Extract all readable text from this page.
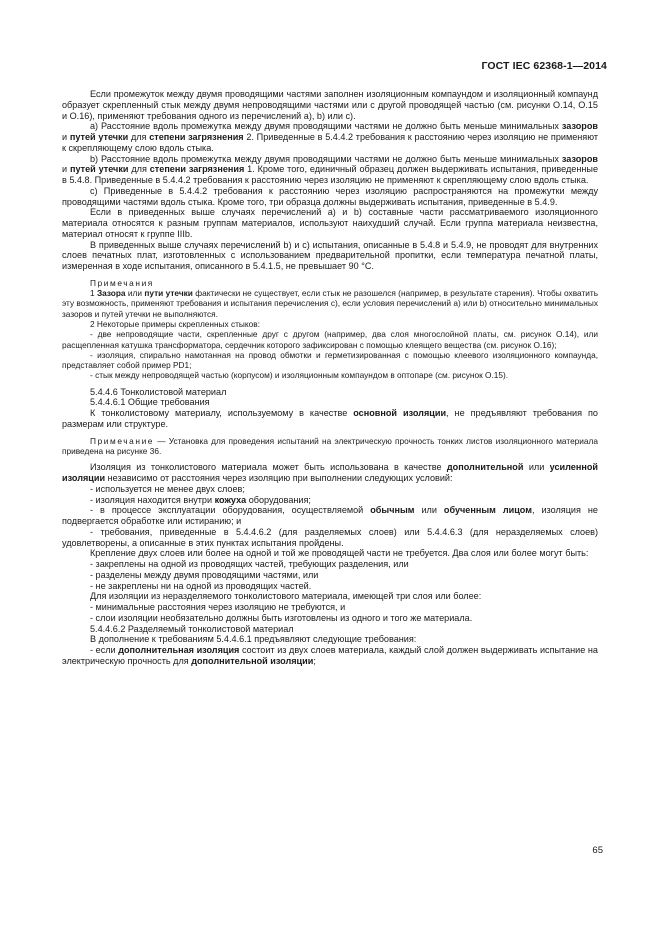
ГОСТ IEC 62368-1—2014

Если промежуток между двумя проводящими частями заполнен изоляционным компаундом и изоляционный компаунд образует скрепленный стык между двумя непроводящими частями или с другой проводящей частью (см. рисунки O.14, O.15 и O.16), применяют требования одного из перечислений a), b) или c).

a) Расстояние вдоль промежутка между двумя проводящими частями не должно быть меньше минимальных зазоров и путей утечки для степени загрязнения 2. Приведенные в 5.4.4.2 требования к расстоянию через изоляцию не применяют к скрепляющему слою вдоль стыка.

b) Расстояние вдоль промежутка между двумя проводящими частями не должно быть меньше минимальных зазоров и путей утечки для степени загрязнения 1. Кроме того, единичный образец должен выдерживать испытания, приведенные в 5.4.8. Приведенные в 5.4.4.2 требования к расстоянию через изоляцию не применяют к скрепляющему слою вдоль стыка.

c) Приведенные в 5.4.4.2 требования к расстоянию через изоляцию распространяются на промежутки между проводящими частями вдоль стыка. Кроме того, три образца должны выдерживать испытания, приведенные в 5.4.9.

Если в приведенных выше случаях перечислений a) и b) составные части рассматриваемого изоляционного материала относятся к разным группам материалов, используют наихудший случай. Если группа материала неизвестна, материал относят к группе IIIb.

В приведенных выше случаях перечислений b) и c) испытания, описанные в 5.4.8 и 5.4.9, не проводят для внутренних слоев печатных плат, изготовленных с использованием предварительной пропитки, если температура печатной платы, измеренная в ходе испытания, описанного в 5.4.1.5, не превышает 90 °C.

Примечания

1 Зазора или пути утечки фактически не существует, если стык не разошелся (например, в результате старения). Чтобы охватить эту возможность, применяют требования и испытания перечисления c), если условия перечислений a) или b) относительно минимальных зазоров и путей утечки не выполняются.

2 Некоторые примеры скрепленных стыков:

- две непроводящие части, скрепленные друг с другом (например, два слоя многослойной платы, см. рисунок O.14), или расщепленная катушка трансформатора, сердечник которого зафиксирован с помощью клеящего вещества (см. рисунок O.16);

- изоляция, спирально намотанная на провод обмотки и герметизированная с помощью клеевого изоляционного компаунда, представляет собой пример PD1;

- стык между непроводящей частью (корпусом) и изоляционным компаундом в оптопаре (см. рисунок O.15).

5.4.4.6 Тонколистовой материал

5.4.4.6.1 Общие требования

К тонколистовому материалу, используемому в качестве основной изоляции, не предъявляют требования по размерам или структуре.

Примечание — Установка для проведения испытаний на электрическую прочность тонких листов изоляционного материала приведена на рисунке 36.

Изоляция из тонколистового материала может быть использована в качестве дополнительной или усиленной изоляции независимо от расстояния через изоляцию при выполнении следующих условий:

- используется не менее двух слоев;

- изоляция находится внутри кожуха оборудования;

- в процессе эксплуатации оборудования, осуществляемой обычным или обученным лицом, изоляция не подвергается обработке или истиранию; и

- требования, приведенные в 5.4.4.6.2 (для разделяемых слоев) или 5.4.4.6.3 (для неразделяемых слоев) удовлетворены, а описанные в этих пунктах испытания пройдены.

Крепление двух слоев или более на одной и той же проводящей части не требуется. Два слоя или более могут быть:

- закреплены на одной из проводящих частей, требующих разделения, или

- разделены между двумя проводящими частями, или

- не закреплены ни на одной из проводящих частей.

Для изоляции из неразделяемого тонколистового материала, имеющей три слоя или более:

- минимальные расстояния через изоляцию не требуются, и

- слои изоляции необязательно должны быть изготовлены из одного и того же материала.

5.4.4.6.2 Разделяемый тонколистовой материал

В дополнение к требованиям 5.4.4.6.1 предъявляют следующие требования:

- если дополнительная изоляция состоит из двух слоев материала, каждый слой должен выдерживать испытание на электрическую прочность для дополнительной изоляции;

65
